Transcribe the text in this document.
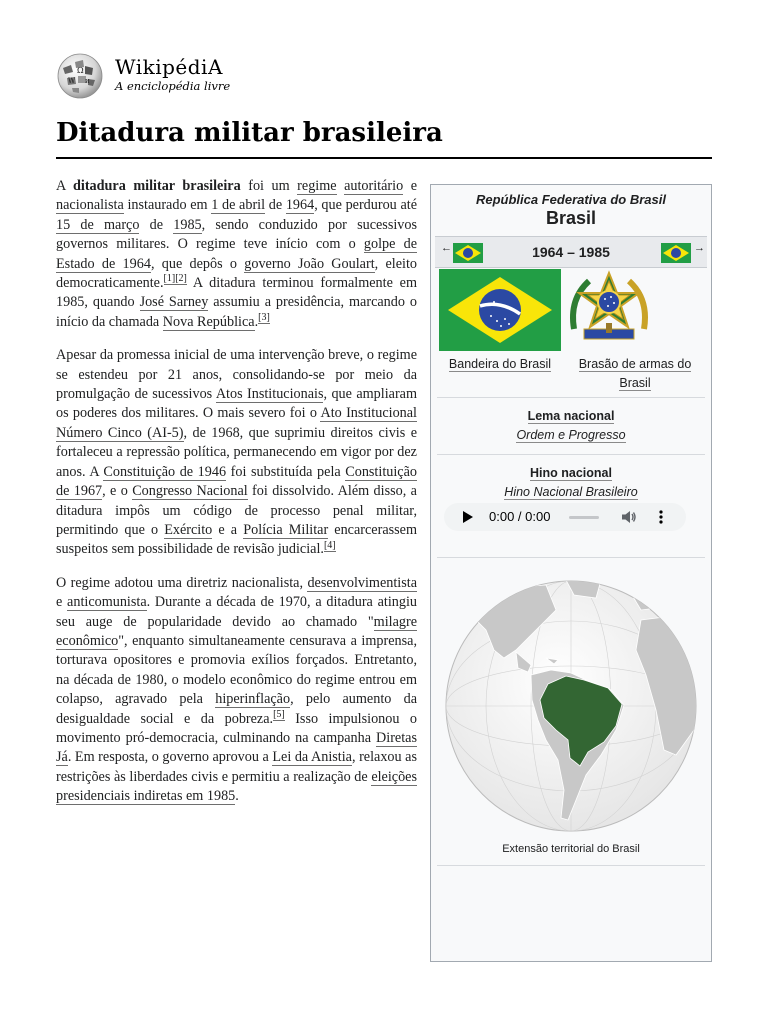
Ω
W и
WikipédiA
A enciclopédia livre
Ditadura militar brasileira

A ditadura militar brasileira foi um regime autoritário e nacionalista instaurado em 1 de abril de 1964, que perdurou até 15 de março de 1985, sendo conduzido por sucessivos governos militares. O regime teve início com o golpe de Estado de 1964, que depôs o governo João Goulart, eleito democraticamente.[1][2] A ditadura terminou formalmente em 1985, quando José Sarney assumiu a presidência, marcando o início da chamada Nova República.[3]

Apesar da promessa inicial de uma intervenção breve, o regime se estendeu por 21 anos, consolidando-se por meio da promulgação de sucessivos Atos Institucionais, que ampliaram os poderes dos militares. O mais severo foi o Ato Institucional Número Cinco (AI-5), de 1968, que suprimiu direitos civis e fortaleceu a repressão política, permanecendo em vigor por dez anos. A Constituição de 1946 foi substituída pela Constituição de 1967, e o Congresso Nacional foi dissolvido. Além disso, a ditadura impôs um código de processo penal militar, permitindo que o Exército e a Polícia Militar encarcerassem suspeitos sem possibilidade de revisão judicial.[4]

O regime adotou uma diretriz nacionalista, desenvolvimentista e anticomunista. Durante a década de 1970, a ditadura atingiu seu auge de popularidade devido ao chamado "milagre econômico", enquanto simultaneamente censurava a imprensa, torturava opositores e promovia exílios forçados. Entretanto, na década de 1980, o modelo econômico do regime entrou em colapso, agravado pela hiperinflação, pelo aumento da desigualdade social e da pobreza.[5] Isso impulsionou o movimento pró-democracia, culminando na campanha Diretas Já. Em resposta, o governo aprovou a Lei da Anistia, relaxou as restrições às liberdades civis e permitiu a realização de eleições presidenciais indiretas em 1985.

República Federativa do Brasil
Brasil
←	1964 – 1985	→
Bandeira do Brasil	Brasão de armas do Brasil
Lema nacional
Ordem e Progresso
Hino nacional
Hino Nacional Brasileiro
0:00 / 0:00
Extensão territorial do Brasil
